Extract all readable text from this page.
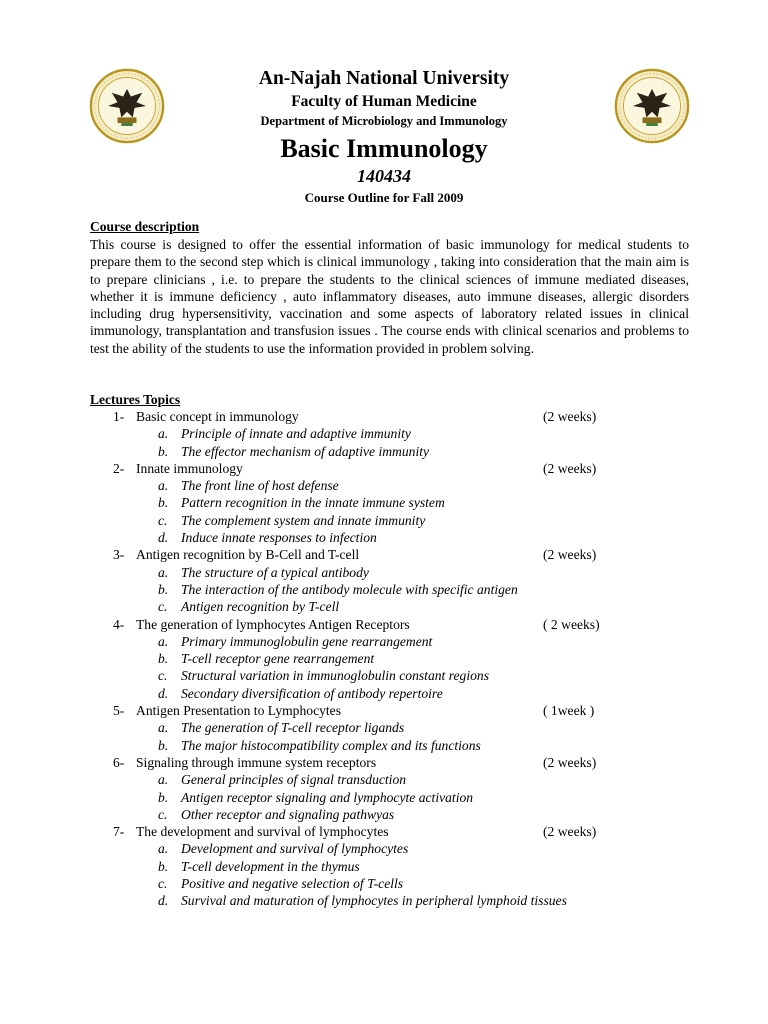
An-Najah National University
Faculty of Human Medicine
Department of Microbiology and Immunology
Basic Immunology
140434
Course Outline for Fall 2009
Course description

This course is designed to offer the essential information of basic immunology for medical students to prepare them to the second step which is clinical immunology , taking into consideration that the main aim is to prepare clinicians , i.e. to prepare the students to the clinical sciences of immune mediated diseases, whether it is immune deficiency , auto inflammatory diseases, auto immune diseases, allergic disorders including drug hypersensitivity, vaccination and some aspects of laboratory related issues in clinical immunology, transplantation and transfusion issues . The course ends with clinical scenarios and problems to test the ability of the students to use the information provided in problem solving.

Lectures Topics
1- Basic concept in immunology	(2 weeks)
a. Principle of innate and adaptive immunity
b. The effector mechanism of adaptive immunity
2- Innate immunology	(2 weeks)
a. The front line of host defense
b. Pattern recognition in the innate immune system
c. The complement system and innate immunity
d. Induce innate responses to infection
3- Antigen recognition by B-Cell and T-cell	(2 weeks)
a. The structure of a typical antibody
b. The interaction of the antibody molecule with specific antigen
c. Antigen recognition by T-cell
4- The generation of lymphocytes Antigen Receptors	( 2 weeks)
a. Primary immunoglobulin gene rearrangement
b. T-cell receptor gene rearrangement
c. Structural variation in immunoglobulin constant regions
d. Secondary diversification of antibody repertoire
5- Antigen Presentation to Lymphocytes	( 1week )
a. The generation of T-cell receptor ligands
b. The major histocompatibility complex and its functions
6- Signaling through immune system receptors	(2 weeks)
a. General principles of signal transduction
b. Antigen receptor signaling and lymphocyte activation
c. Other receptor and signaling pathwyas
7- The development and survival of lymphocytes	(2 weeks)
a. Development and survival of lymphocytes
b. T-cell development in the thymus
c. Positive and negative selection of T-cells
d. Survival and maturation of lymphocytes in peripheral lymphoid tissues
